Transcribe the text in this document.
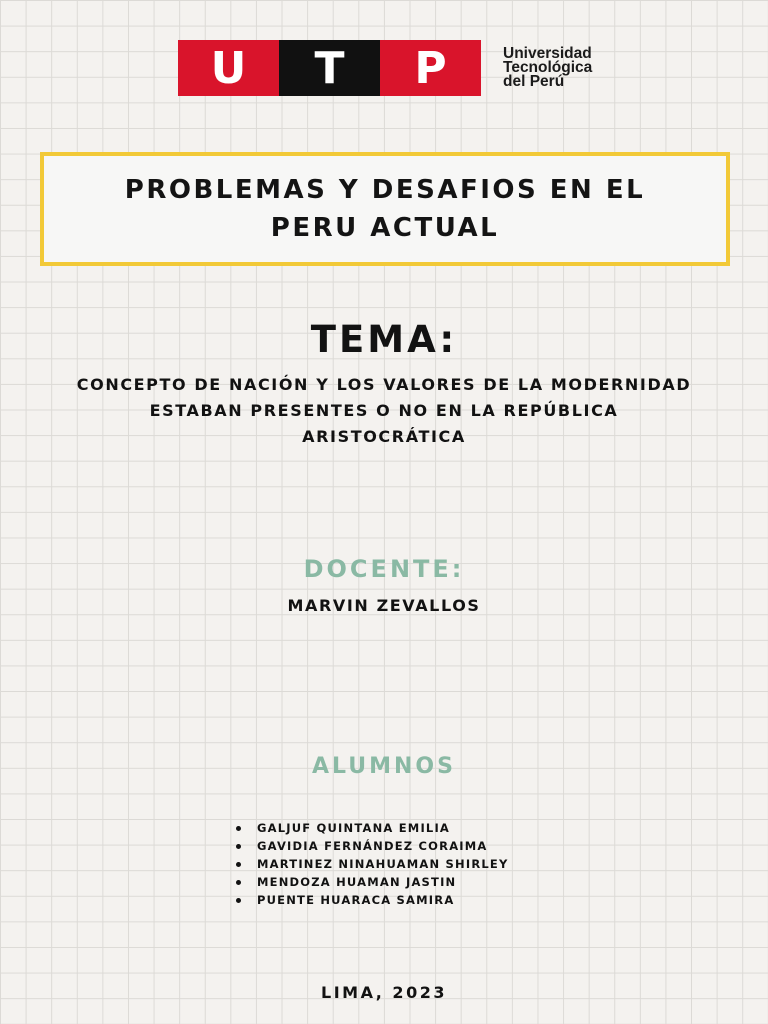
U	T	P	Universidad
Tecnológica
del Perú
PROBLEMAS Y DESAFIOS EN EL
PERU ACTUAL
TEMA:
CONCEPTO DE NACIÓN Y LOS VALORES DE LA MODERNIDAD
ESTABAN PRESENTES O NO EN LA REPÚBLICA
ARISTOCRÁTICA
DOCENTE:
MARVIN ZEVALLOS
ALUMNOS
GALJUF QUINTANA EMILIA
GAVIDIA FERNÁNDEZ CORAIMA
MARTINEZ NINAHUAMAN SHIRLEY
MENDOZA HUAMAN JASTIN
PUENTE HUARACA SAMIRA
LIMA, 2023
